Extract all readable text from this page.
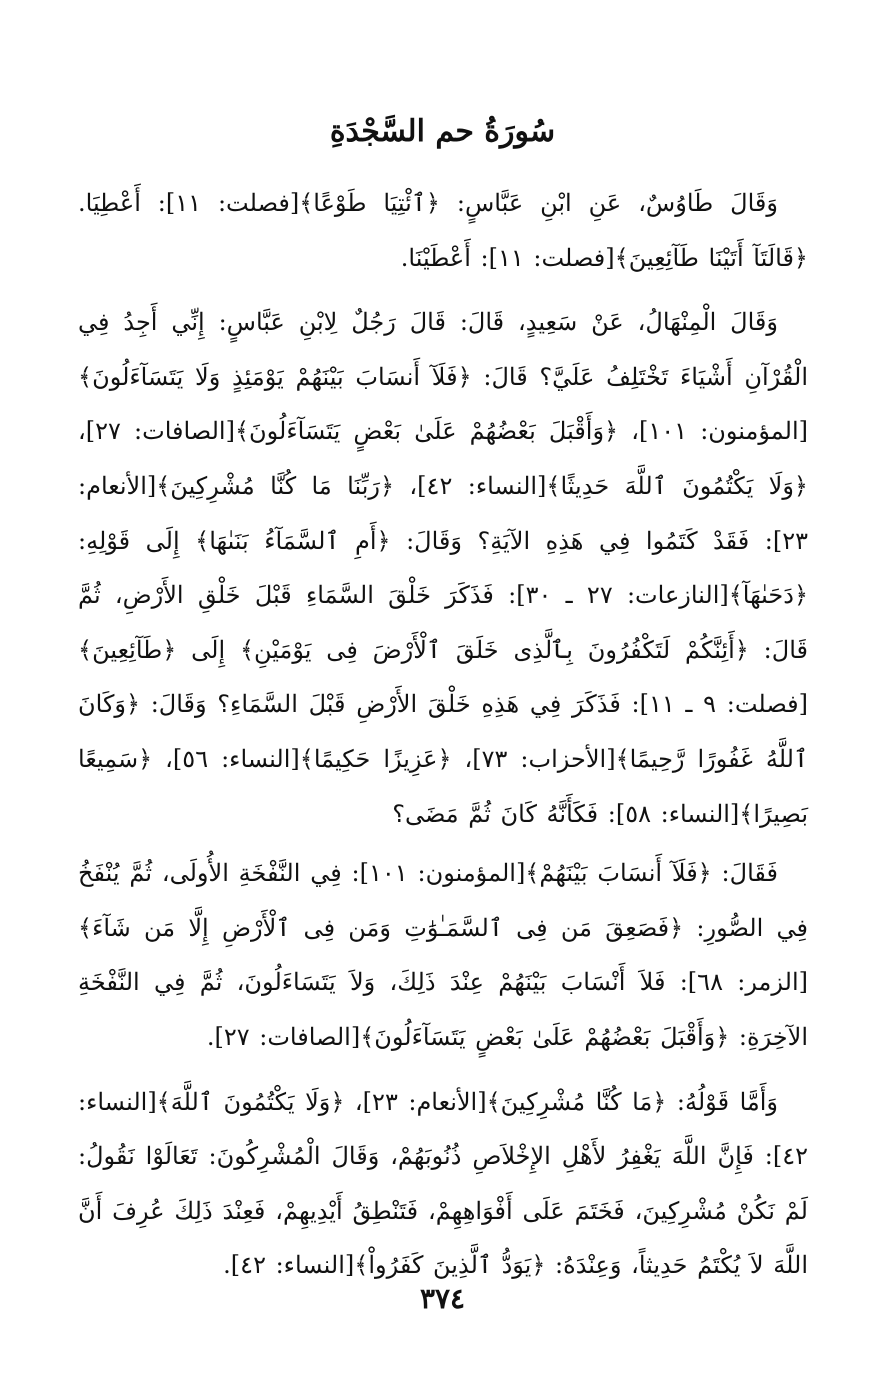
سُورَةُ حم السَّجْدَةِ

وَقَالَ طَاوُسٌ، عَنِ ابْنِ عَبَّاسٍ: ﴿ٱئْتِيَا طَوْعًا﴾[فصلت: ١١]: أَعْطِيَا. ﴿قَالَتَآ أَتَيْنَا طَآئِعِينَ﴾[فصلت: ١١]: أَعْطَيْنَا.

وَقَالَ الْمِنْهَالُ، عَنْ سَعِيدٍ، قَالَ: قَالَ رَجُلٌ لِابْنِ عَبَّاسٍ: إِنِّي أَجِدُ فِي الْقُرْآنِ أَشْيَاءَ تَخْتَلِفُ عَلَيَّ؟ قَالَ: ﴿فَلَآ أَنسَابَ بَيْنَهُمْ يَوْمَئِذٍ وَلَا يَتَسَآءَلُونَ﴾[المؤمنون: ١٠١]، ﴿وَأَقْبَلَ بَعْضُهُمْ عَلَىٰ بَعْضٍ يَتَسَآءَلُونَ﴾[الصافات: ٢٧]، ﴿وَلَا يَكْتُمُونَ ٱللَّهَ حَدِيثًا﴾[النساء: ٤٢]، ﴿رَبِّنَا مَا كُنَّا مُشْرِكِينَ﴾[الأنعام: ٢٣]: فَقَدْ كَتَمُوا فِي هَذِهِ الآيَةِ؟ وَقَالَ: ﴿أَمِ ٱلسَّمَآءُ بَنَىٰهَا﴾ إِلَى قَوْلِهِ: ﴿دَحَىٰهَآ﴾[النازعات: ٢٧ ـ ٣٠]: فَذَكَرَ خَلْقَ السَّمَاءِ قَبْلَ خَلْقِ الأَرْضِ، ثُمَّ قَالَ: ﴿أَئِنَّكُمْ لَتَكْفُرُونَ بِٱلَّذِى خَلَقَ ٱلْأَرْضَ فِى يَوْمَيْنِ﴾ إِلَى ﴿طَآئِعِينَ﴾[فصلت: ٩ ـ ١١]: فَذَكَرَ فِي هَذِهِ خَلْقَ الأَرْضِ قَبْلَ السَّمَاءِ؟ وَقَالَ: ﴿وَكَانَ ٱللَّهُ غَفُورًا رَّحِيمًا﴾[الأحزاب: ٧٣]، ﴿عَزِيزًا حَكِيمًا﴾[النساء: ٥٦]، ﴿سَمِيعًا بَصِيرًا﴾[النساء: ٥٨]: فَكَأَنَّهُ كَانَ ثُمَّ مَضَى؟

فَقَالَ: ﴿فَلَآ أَنسَابَ بَيْنَهُمْ﴾[المؤمنون: ١٠١]: فِي النَّفْخَةِ الأُولَى، ثُمَّ يُنْفَخُ فِي الصُّورِ: ﴿فَصَعِقَ مَن فِى ٱلسَّمَـٰوَٰتِ وَمَن فِى ٱلْأَرْضِ إِلَّا مَن شَآءَ﴾[الزمر: ٦٨]: فَلاَ أَنْسَابَ بَيْنَهُمْ عِنْدَ ذَلِكَ، وَلاَ يَتَسَاءَلُونَ، ثُمَّ فِي النَّفْخَةِ الآخِرَةِ: ﴿وَأَقْبَلَ بَعْضُهُمْ عَلَىٰ بَعْضٍ يَتَسَآءَلُونَ﴾[الصافات: ٢٧].

وَأَمَّا قَوْلُهُ: ﴿مَا كُنَّا مُشْرِكِينَ﴾[الأنعام: ٢٣]، ﴿وَلَا يَكْتُمُونَ ٱللَّهَ﴾[النساء: ٤٢]: فَإِنَّ اللَّهَ يَغْفِرُ لأَهْلِ الإِخْلاَصِ ذُنُوبَهُمْ، وَقَالَ الْمُشْرِكُونَ: تَعَالَوْا نَقُولُ: لَمْ نَكُنْ مُشْرِكِينَ، فَخَتَمَ عَلَى أَفْوَاهِهِمْ، فَتَنْطِقُ أَيْدِيهِمْ، فَعِنْدَ ذَلِكَ عُرِفَ أَنَّ اللَّهَ لاَ يُكْتَمُ حَدِيثاً، وَعِنْدَهُ: ﴿يَوَدُّ ٱلَّذِينَ كَفَرُواْ﴾[النساء: ٤٢].

٣٧٤
